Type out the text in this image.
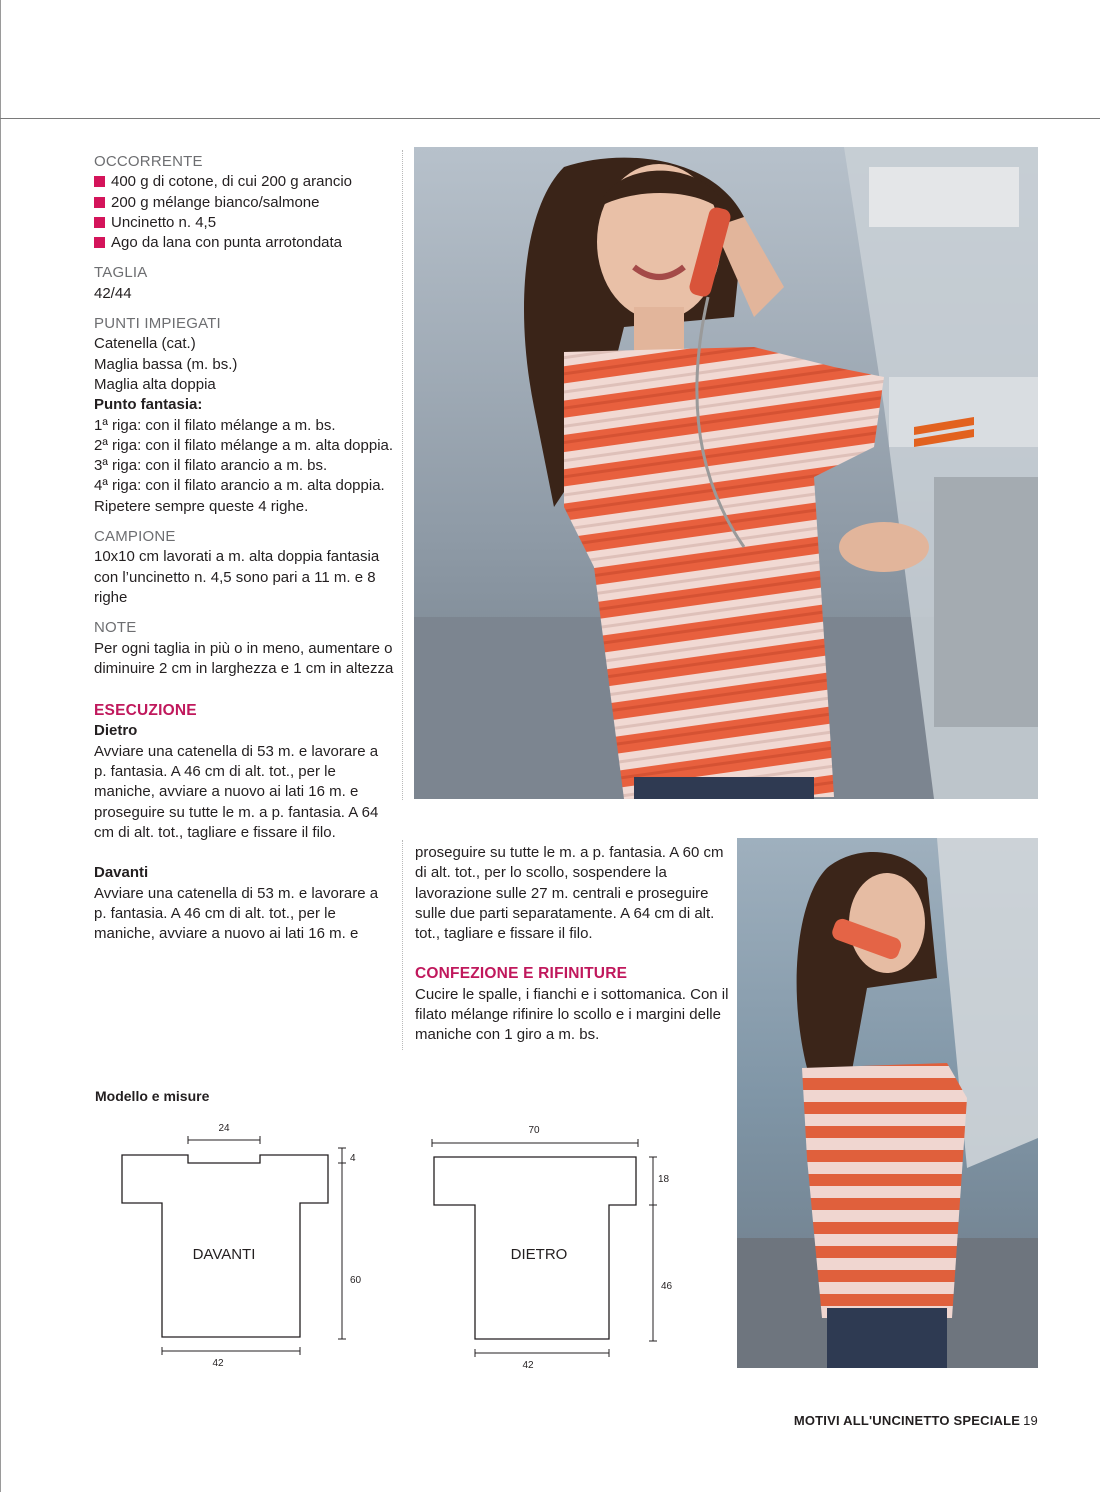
OCCORRENTE
400 g di cotone, di cui 200 g arancio
200 g mélange bianco/salmone
Uncinetto n. 4,5
Ago da lana con punta arrotondata
TAGLIA
42/44
PUNTI IMPIEGATI
Catenella (cat.)
Maglia bassa (m. bs.)
Maglia alta doppia
Punto fantasia:
1ª riga: con il filato mélange a m. bs.
2ª riga: con il filato mélange a m. alta doppia.
3ª riga: con il filato arancio a m. bs.
4ª riga: con il filato arancio a m. alta doppia.
Ripetere sempre queste 4 righe.
CAMPIONE
10x10 cm lavorati a m. alta doppia fantasia con l’uncinetto n. 4,5 sono pari a 11 m. e 8 righe
NOTE
Per ogni taglia in più o in meno, aumentare o diminuire 2 cm in larghezza e 1 cm in altezza
ESECUZIONE
Dietro
Avviare una catenella di 53 m. e lavorare a p. fantasia. A 46 cm di alt. tot., per le maniche, avviare a nuovo ai lati 16 m. e proseguire su tutte le m. a p. fantasia. A 64 cm di alt. tot., tagliare e fissare il filo.
Davanti
Avviare una catenella di 53 m. e lavorare a p. fantasia. A 46 cm di alt. tot., per le maniche, avviare a nuovo ai lati 16 m. e
proseguire su tutte le m. a p. fantasia. A 60 cm di alt. tot., per lo scollo, sospendere la lavorazione sulle 27 m. centrali e proseguire sulle due parti separatamente. A 64 cm di alt. tot., tagliare e fissare il filo.
CONFEZIONE E RIFINITURE
Cucire le spalle, i fianchi e i sottomanica. Con il filato mélange rifinire lo scollo e i margini delle maniche con 1 giro a m. bs.
Modello e misure
24
4
60
42
DAVANTI
70
18
46
42
DIETRO
MOTIVI ALL'UNCINETTO SPECIALE 19
